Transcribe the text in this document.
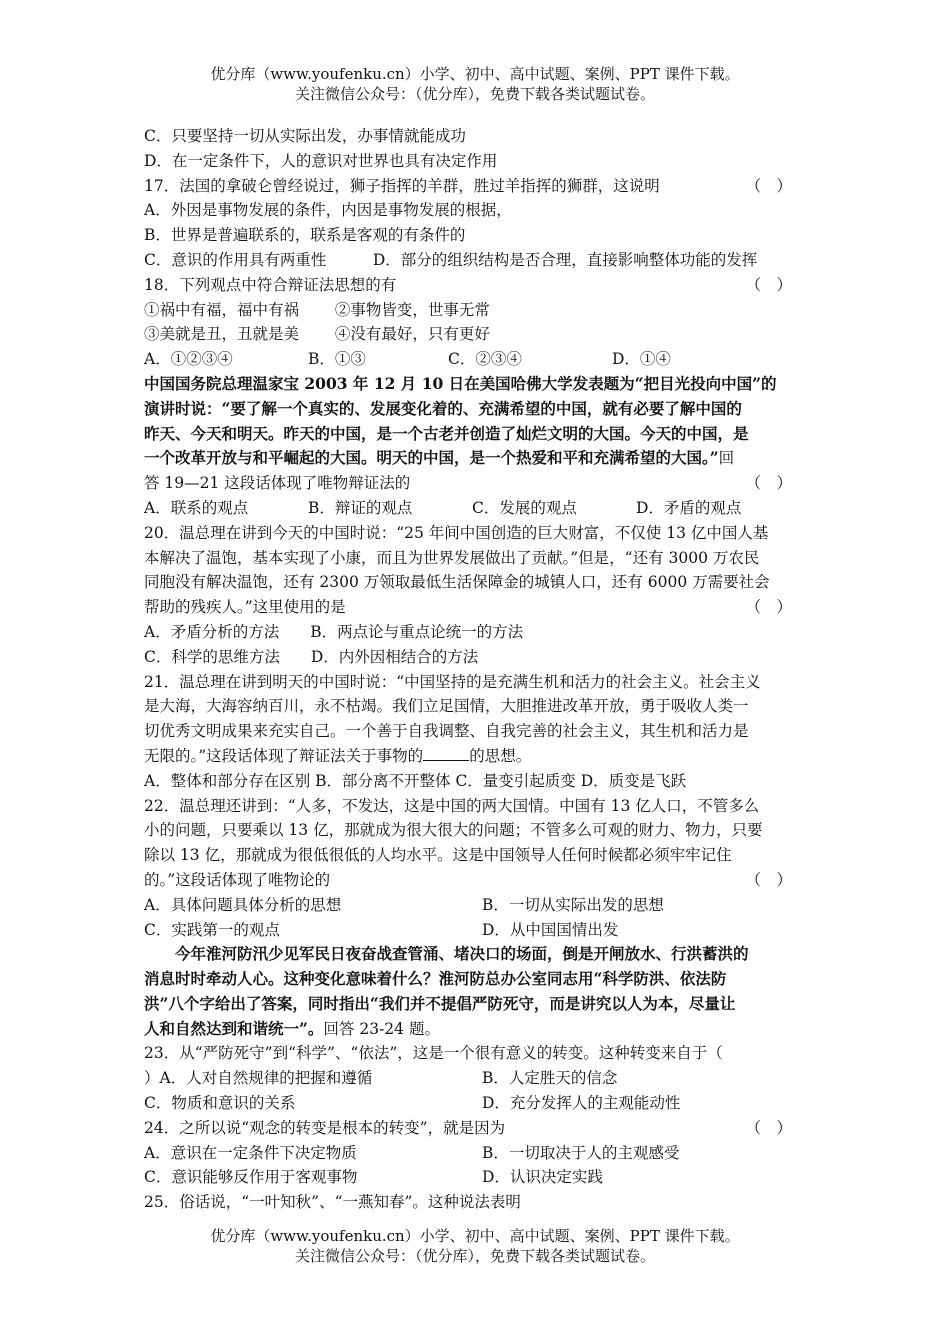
优分库（www.youfenku.cn）小学、初中、高中试题、案例、PPT 课件下载。
关注微信公众号：（优分库），免费下载各类试题试卷。
C．只要坚持一切从实际出发，办事情就能成功
D．在一定条件下，人的意识对世界也具有决定作用
17．法国的拿破仑曾经说过，狮子指挥的羊群，胜过羊指挥的狮群，这说明	（　）
A．外因是事物发展的条件，内因是事物发展的根据，
B．世界是普遍联系的，联系是客观的有条件的
C．意识的作用具有两重性　　　D．部分的组织结构是否合理，直接影响整体功能的发挥
18．下列观点中符合辩证法思想的有	（　）
①祸中有福，福中有祸　　 ②事物皆变，世事无常
③美就是丑，丑就是美　　 ④没有最好，只有更好
A．①②③④	B．①③	C．②③④	D．①④
中国国务院总理温家宝 2003 年 12 月 10 日在美国哈佛大学发表题为“把目光投向中国”的
演讲时说：“要了解一个真实的、发展变化着的、充满希望的中国，就有必要了解中国的
昨天、今天和明天。昨天的中国，是一个古老并创造了灿烂文明的大国。今天的中国，是
一个改革开放与和平崛起的大国。明天的中国，是一个热爱和平和充满希望的大国。”回
答 19—21 这段话体现了唯物辩证法的	（　）
A．联系的观点	B．辩证的观点	C．发展的观点	D．矛盾的观点
20．温总理在讲到今天的中国时说：“25 年间中国创造的巨大财富，不仅使 13 亿中国人基
本解决了温饱，基本实现了小康，而且为世界发展做出了贡献。”但是，“还有 3000 万农民
同胞没有解决温饱，还有 2300 万领取最低生活保障金的城镇人口，还有 6000 万需要社会
帮助的残疾人。”这里使用的是	（　）
A．矛盾分析的方法　　B．两点论与重点论统一的方法
C．科学的思维方法　　D．内外因相结合的方法
21．温总理在讲到明天的中国时说：“中国坚持的是充满生机和活力的社会主义。社会主义
是大海，大海容纳百川，永不枯竭。我们立足国情，大胆推进改革开放，勇于吸收人类一
切优秀文明成果来充实自己。一个善于自我调整、自我完善的社会主义，其生机和活力是
无限的。”这段话体现了辩证法关于事物的	的思想。
A．整体和部分存在区别 B．部分离不开整体 C．量变引起质变 D．质变是飞跃
22．温总理还讲到：“人多，不发达，这是中国的两大国情。中国有 13 亿人口，不管多么
小的问题，只要乘以 13 亿，那就成为很大很大的问题；不管多么可观的财力、物力，只要
除以 13 亿，那就成为很低很低的人均水平。这是中国领导人任何时候都必须牢牢记住
的。”这段话体现了唯物论的	（　）
A．具体问题具体分析的思想	B．一切从实际出发的思想
C．实践第一的观点	D．从中国国情出发
今年淮河防汛少见军民日夜奋战查管涌、堵决口的场面，倒是开闸放水、行洪蓄洪的
消息时时牵动人心。这种变化意味着什么？淮河防总办公室同志用“科学防洪、依法防
洪”八个字给出了答案，同时指出“我们并不提倡严防死守，而是讲究以人为本，尽量让
人和自然达到和谐统一”。回答 23-24 题。
23．从“严防死守”到“科学”、“依法”，这是一个很有意义的转变。这种转变来自于（
）A．人对自然规律的把握和遵循	B．人定胜天的信念
C．物质和意识的关系	D．充分发挥人的主观能动性
24．之所以说“观念的转变是根本的转变”，就是因为	（　）
A．意识在一定条件下决定物质	B．一切取决于人的主观感受
C．意识能够反作用于客观事物	D．认识决定实践
25．俗话说，“一叶知秋”、“一燕知春”。这种说法表明
优分库（www.youfenku.cn）小学、初中、高中试题、案例、PPT 课件下载。
关注微信公众号：（优分库），免费下载各类试题试卷。
